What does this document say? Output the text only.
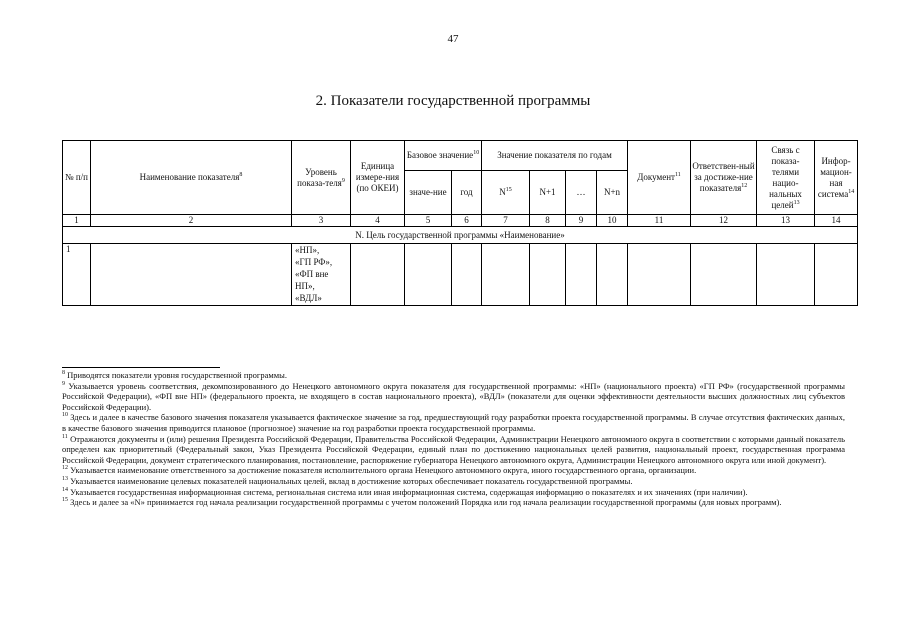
47
2. Показатели государственной программы
№ п/п	Наименование показателя$^8$	Уровень показа-теля$^9$	Единица измере-ния (по ОКЕИ)	Базовое значение$^{10}$		Значение показателя по годам				Документ$^{11}$	Ответствен-ный за достиже-ние показателя$^{12}$	Связь с показа-телями нацио-нальных целей$^{13}$	Инфор-мацион-ная система$^{14}$
				значе-ние	год	$N^{15}$	N+1	…	N+n				
1	2	3	4	5	6	7	8	9	10	11	12	13	14
N. Цель государственной программы «Наименование»													
1		«НП»,
«ГП РФ»,
«ФП вне
НП»,
«ВДЛ»											

$^8$ Приводятся показатели уровня государственной программы.

$^9$ Указывается уровень соответствия, декомпозированного до Ненецкого автономного округа показателя для государственной программы: «НП» (национального проекта) «ГП РФ» (государственной программы Российской Федерации), «ФП вне НП» (федерального проекта, не входящего в состав национального проекта), «ВДЛ» (показатели для оценки эффективности деятельности высших должностных лиц субъектов Российской Федерации).

$^{10}$ Здесь и далее в качестве базового значения показателя указывается фактическое значение за год, предшествующий году разработки проекта государственной программы. В случае отсутствия фактических данных, в качестве базового значения приводится плановое (прогнозное) значение на год разработки проекта государственной программы.

$^{11}$ Отражаются документы и (или) решения Президента Российской Федерации, Правительства Российской Федерации, Администрации Ненецкого автономного округа в соответствии с которыми данный показатель определен как приоритетный (Федеральный закон, Указ Президента Российской Федерации, единый план по достижению национальных целей развития, национальный проект, государственная программа Российской Федерации, документ стратегического планирования, постановление, распоряжение губернатора Ненецкого автономного округа, Администрации Ненецкого автономного округа или иной документ).

$^{12}$ Указывается наименование ответственного за достижение показателя исполнительного органа Ненецкого автономного округа, иного государственного органа, организации.

$^{13}$ Указывается наименование целевых показателей национальных целей, вклад в достижение которых обеспечивает показатель государственной программы.

$^{14}$ Указывается государственная информационная система, региональная система или иная информационная система, содержащая информацию о показателях и их значениях (при наличии).

$^{15}$ Здесь и далее за «N» принимается год начала реализации государственной программы с учетом положений Порядка или год начала реализации государственной программы (для новых программ).
